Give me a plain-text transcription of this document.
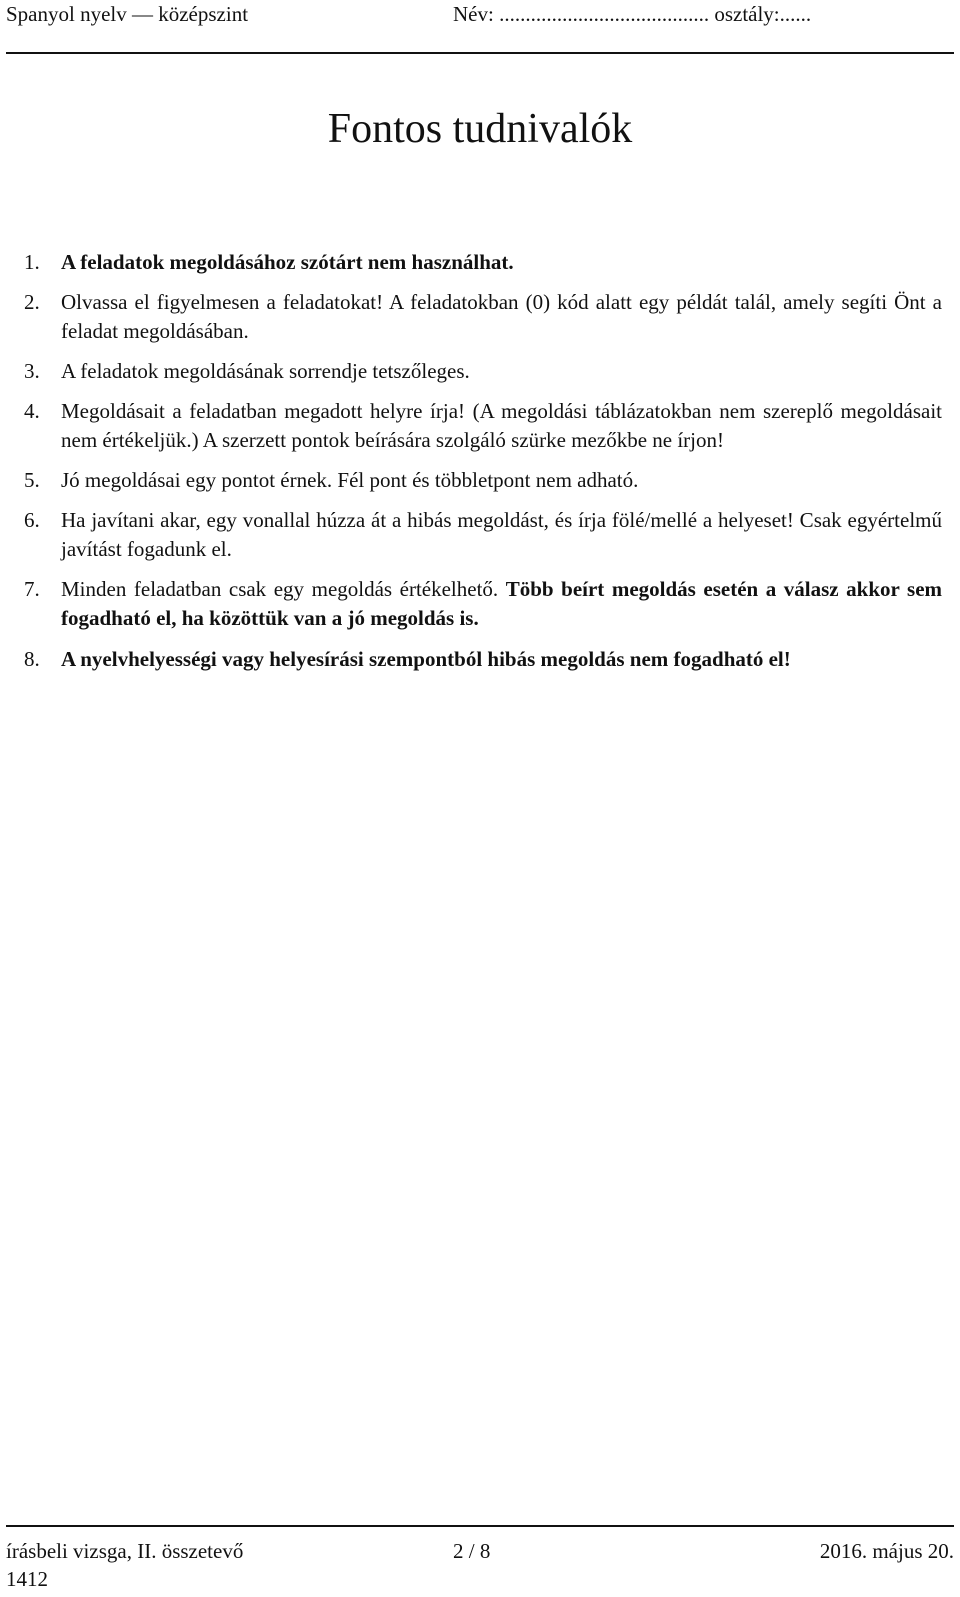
Spanyol nyelv — középszint	Név: ........................................ osztály:......
Fontos tudnivalók
1. A feladatok megoldásához szótárt nem használhat.
2. Olvassa el figyelmesen a feladatokat! A feladatokban (0) kód alatt egy példát talál, amely segíti Önt a feladat megoldásában.
3. A feladatok megoldásának sorrendje tetszőleges.
4. Megoldásait a feladatban megadott helyre írja! (A megoldási táblázatokban nem szereplő megoldásait nem értékeljük.) A szerzett pontok beírására szolgáló szürke mezőkbe ne írjon!
5. Jó megoldásai egy pontot érnek. Fél pont és többletpont nem adható.
6. Ha javítani akar, egy vonallal húzza át a hibás megoldást, és írja fölé/mellé a helyeset! Csak egyértelmű javítást fogadunk el.
7. Minden feladatban csak egy megoldás értékelhető. Több beírt megoldás esetén a válasz akkor sem fogadható el, ha közöttük van a jó megoldás is.
8. A nyelvhelyességi vagy helyesírási szempontból hibás megoldás nem fogadható el!
írásbeli vizsga, II. összetevő	2 / 8	2016. május 20.
1412
